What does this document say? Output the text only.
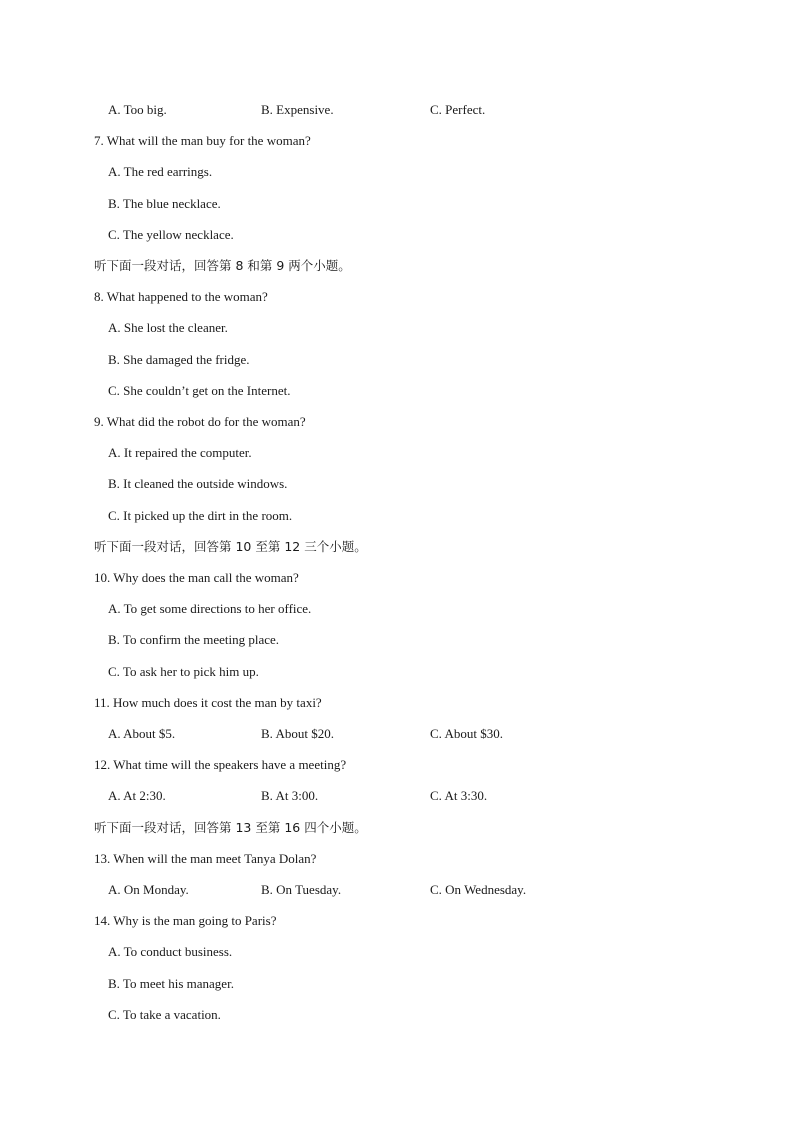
A. Too big.	B. Expensive.	C. Perfect.
7. What will the man buy for the woman?
A. The red earrings.
B. The blue necklace.
C. The yellow necklace.
听下面一段对话，回答第 8 和第 9 两个小题。
8. What happened to the woman?
A. She lost the cleaner.
B. She damaged the fridge.
C. She couldn’t get on the Internet.
9. What did the robot do for the woman?
A. It repaired the computer.
B. It cleaned the outside windows.
C. It picked up the dirt in the room.
听下面一段对话，回答第 10 至第 12 三个小题。
10. Why does the man call the woman?
A. To get some directions to her office.
B. To confirm the meeting place.
C. To ask her to pick him up.
11. How much does it cost the man by taxi?
A. About $5.	B. About $20.	C. About $30.
12. What time will the speakers have a meeting?
A. At 2:30.	B. At 3:00.	C. At 3:30.
听下面一段对话，回答第 13 至第 16 四个小题。
13. When will the man meet Tanya Dolan?
A. On Monday.	B. On Tuesday.	C. On Wednesday.
14. Why is the man going to Paris?
A. To conduct business.
B. To meet his manager.
C. To take a vacation.
